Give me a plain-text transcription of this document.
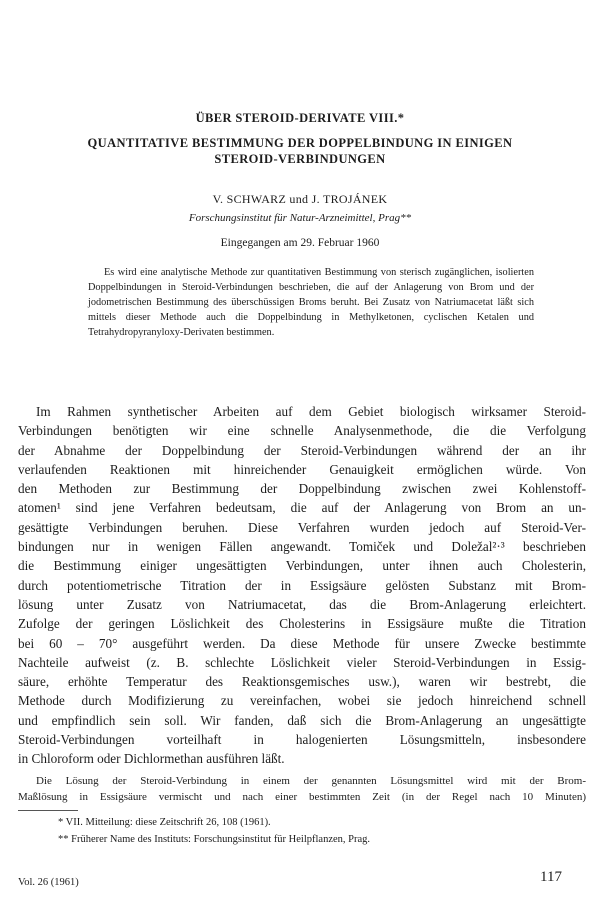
ÜBER STEROID-DERIVATE VIII.*
QUANTITATIVE BESTIMMUNG DER DOPPELBINDUNG IN EINIGEN
STEROID-VERBINDUNGEN
V. SCHWARZ und J. TROJÁNEK
Forschungsinstitut für Natur-Arzneimittel, Prag**
Eingegangen am 29. Februar 1960
Es wird eine analytische Methode zur quantitativen Bestimmung von sterisch zugänglichen, isolierten Doppelbindungen in Steroid-Verbindungen beschrieben, die auf der Anlagerung von Brom und der jodometrischen Bestimmung des überschüssigen Broms beruht. Bei Zusatz von Natriumacetat läßt sich mittels dieser Methode auch die Doppelbindung in Methylketonen, cyclischen Ketalen und Tetrahydropyranyloxy-Derivaten bestimmen.
Im Rahmen synthetischer Arbeiten auf dem Gebiet biologisch wirksamer Steroid-
Verbindungen benötigten wir eine schnelle Analysenmethode, die die Verfolgung
der Abnahme der Doppelbindung der Steroid-Verbindungen während der an ihr
verlaufenden Reaktionen mit hinreichender Genauigkeit ermöglichen würde. Von
den Methoden zur Bestimmung der Doppelbindung zwischen zwei Kohlenstoff-
atomen¹ sind jene Verfahren bedeutsam, die auf der Anlagerung von Brom an un-
gesättigte Verbindungen beruhen. Diese Verfahren wurden jedoch auf Steroid-Ver-
bindungen nur in wenigen Fällen angewandt. Tomiček und Doležal²·³ beschrieben
die Bestimmung einiger ungesättigten Verbindungen, unter ihnen auch Cholesterin,
durch potentiometrische Titration der in Essigsäure gelösten Substanz mit Brom-
lösung unter Zusatz von Natriumacetat, das die Brom-Anlagerung erleichtert.
Zufolge der geringen Löslichkeit des Cholesterins in Essigsäure mußte die Titration
bei 60 – 70° ausgeführt werden. Da diese Methode für unsere Zwecke bestimmte
Nachteile aufweist (z. B. schlechte Löslichkeit vieler Steroid-Verbindungen in Essig-
säure, erhöhte Temperatur des Reaktionsgemisches usw.), waren wir bestrebt, die
Methode durch Modifizierung zu vereinfachen, wobei sie jedoch hinreichend schnell
und empfindlich sein soll. Wir fanden, daß sich die Brom-Anlagerung an ungesättigte
Steroid-Verbindungen vorteilhaft in halogenierten Lösungsmitteln, insbesondere
in Chloroform oder Dichlormethan ausführen läßt.
Die Lösung der Steroid-Verbindung in einem der genannten Lösungsmittel wird mit der Brom-
Maßlösung in Essigsäure vermischt und nach einer bestimmten Zeit (in der Regel nach 10 Minuten)
* VII. Mitteilung: diese Zeitschrift 26, 108 (1961).
** Früherer Name des Instituts: Forschungsinstitut für Heilpflanzen, Prag.
Vol. 26 (1961)	117
